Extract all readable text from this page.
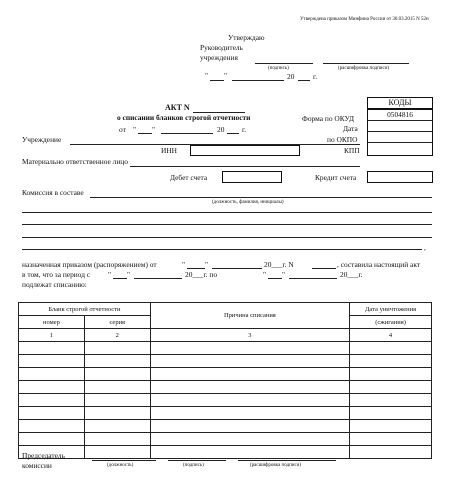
Утверждена приказом Минфина России от 30.03.2015 N 52н
Утверждаю
Руководитель
учреждения
(подпись)	(расшифровка подписи)
" "	20	г.
КОДЫ
0504816
АКТ N
о списании бланков строгой отчетности	Форма по ОКУД
Дата
по ОКПО
от " "	20 г.
Учреждение
ИНН	КПП
Материально ответственное лицо
Дебет счета	Кредит счета
Комиссия в составе
(должность, фамилия, инициалы)
,
назначенная приказом (распоряжением) от	"	"	20___г. N	, составила настоящий акт
в том, что за период с " "	20___г. по	" "	20___г.
подлежат списанию:
Бланк строгой отчетности		Причина списания	Дата уничтожения
номер	серия		(сжигания)
1	2	3	4

Председатель
комиссии	(должность)	(подпись)	(расшифровка подписи)
